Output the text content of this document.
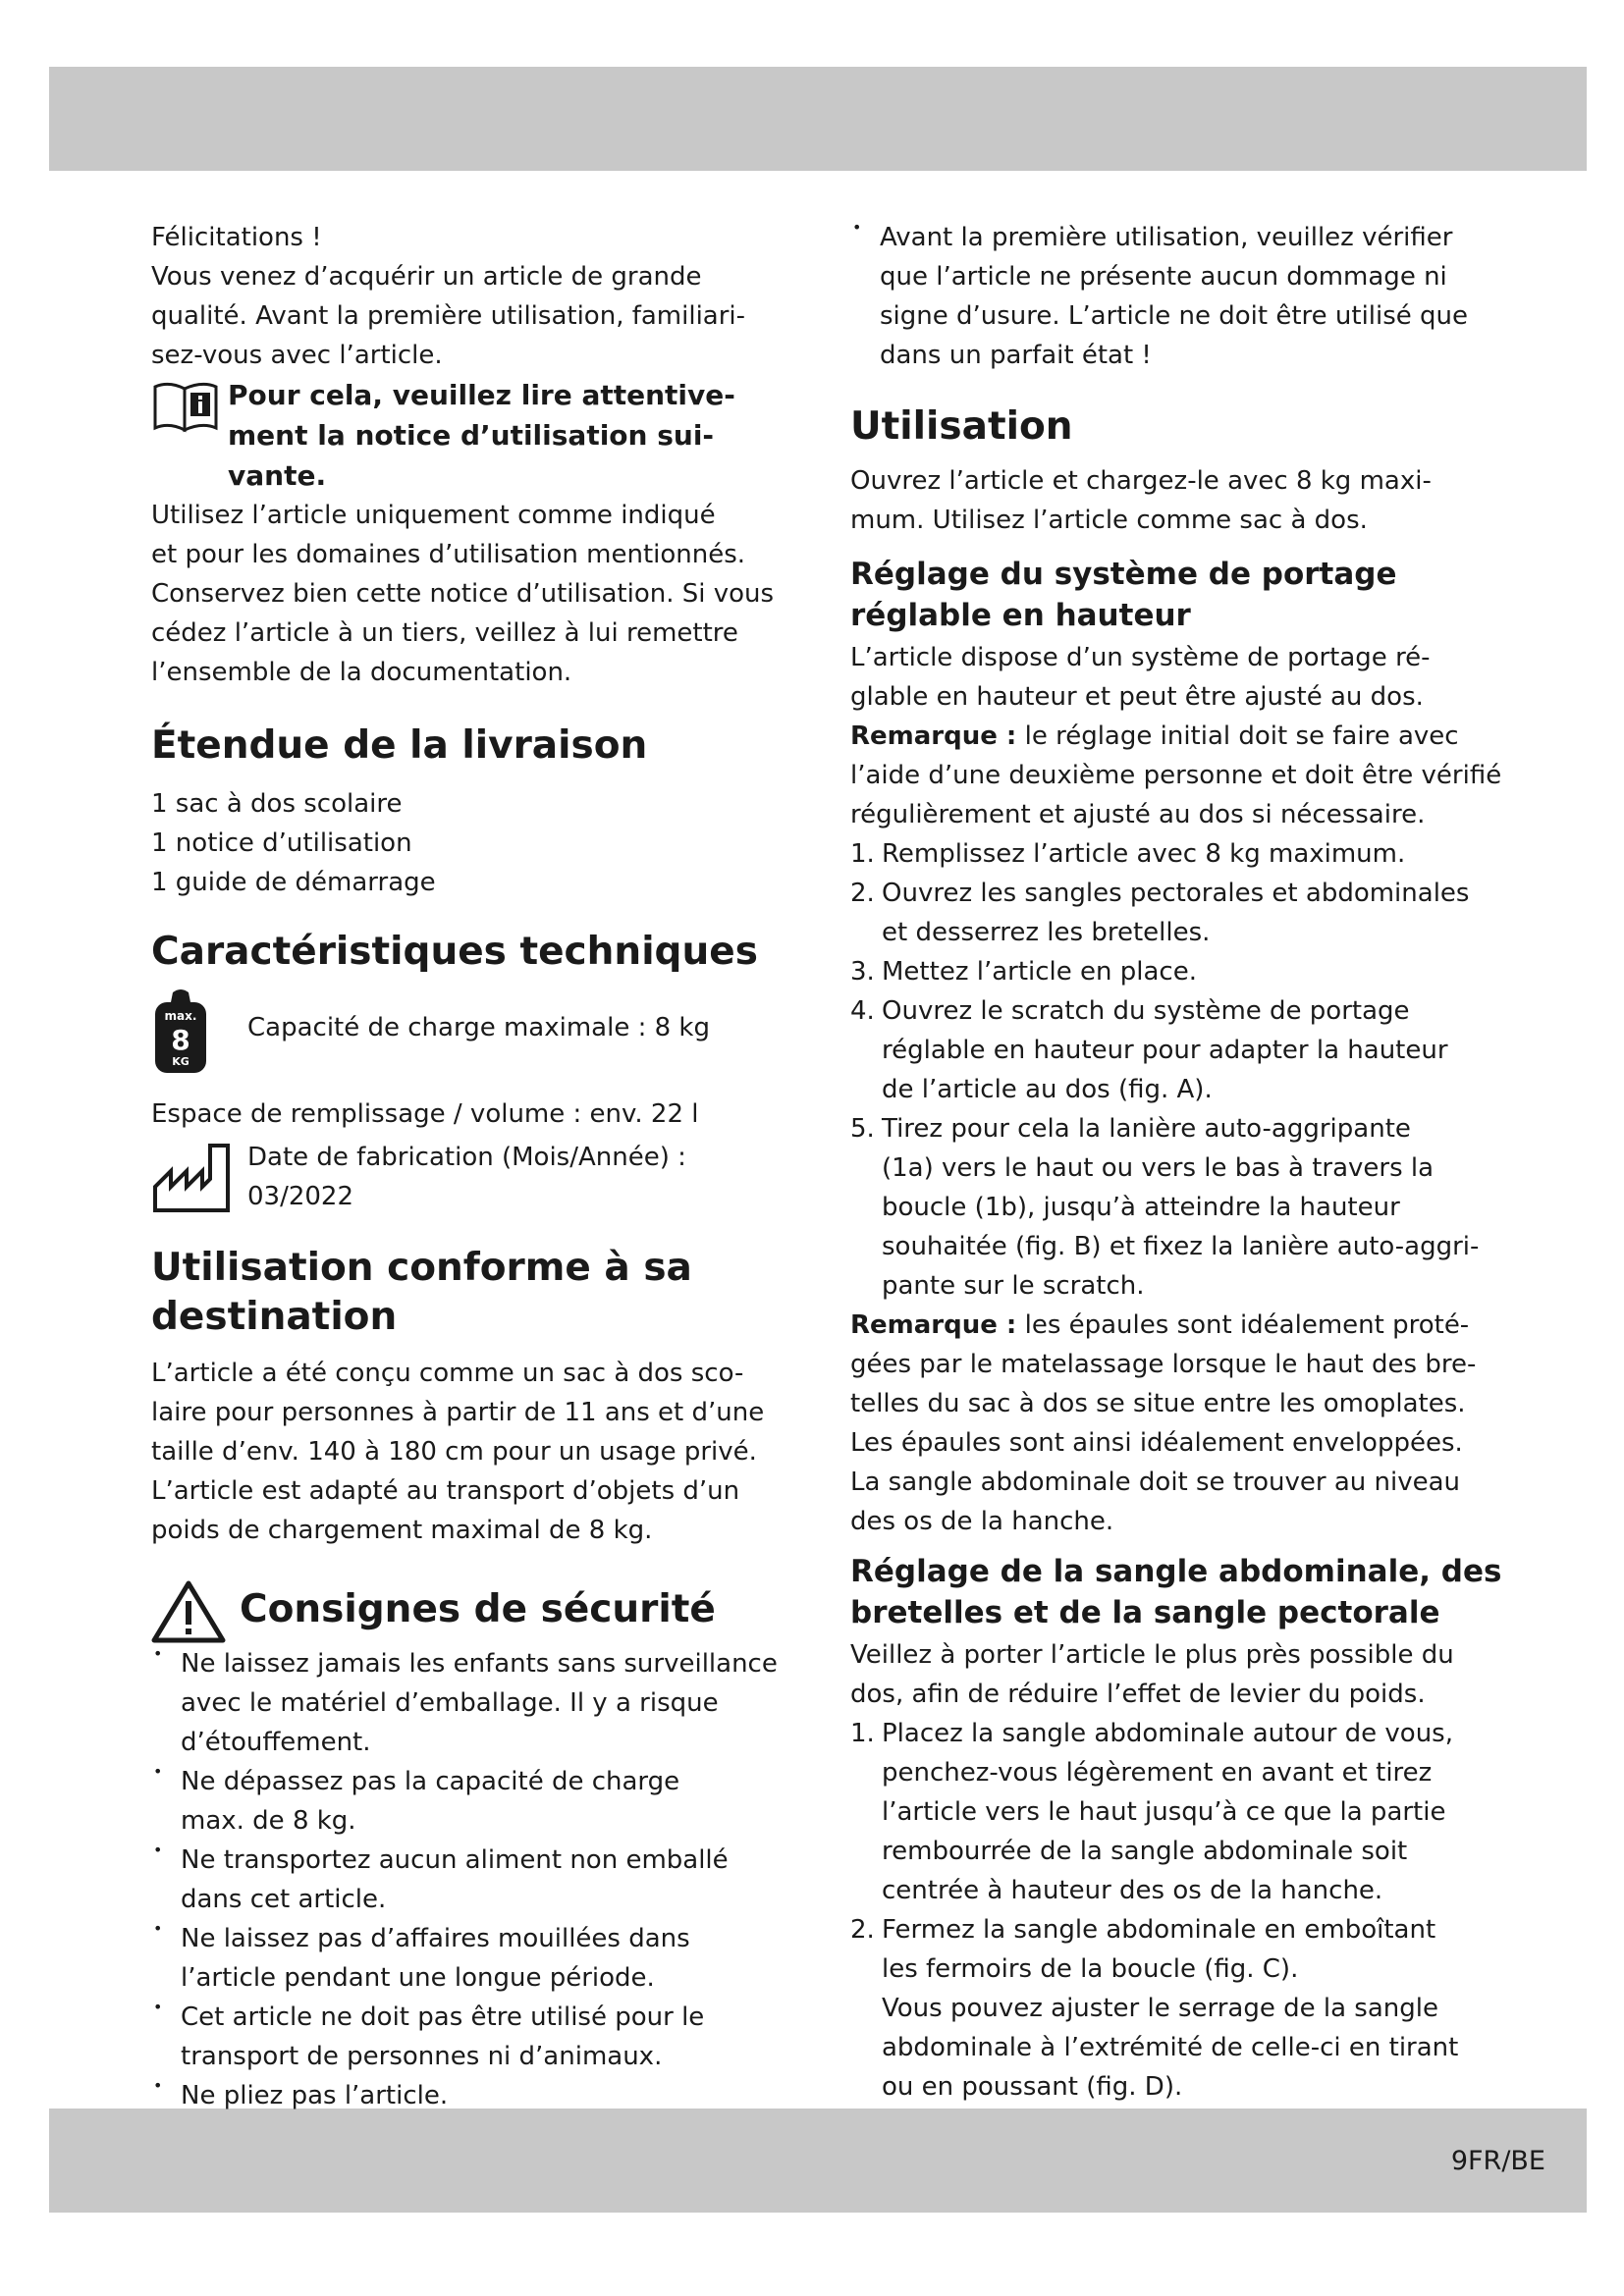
9FR/BE

Félicitations !

Vous venez d’acquérir un article de grande

qualité. Avant la première utilisation, familiari-

sez-vous avec l’article.

Pour cela, veuillez lire attentive-

ment la notice d’utilisation sui-

vante.

Utilisez l’article uniquement comme indiqué

et pour les domaines d’utilisation mentionnés.

Conservez bien cette notice d’utilisation. Si vous

cédez l’article à un tiers, veillez à lui remettre

l’ensemble de la documentation.

Étendue de la livraison

1 sac à dos scolaire

1 notice d’utilisation

1 guide de démarrage

Caractéristiques techniques
max.
8
KG

Capacité de charge maximale : 8 kg

Espace de remplissage / volume : env. 22 l

Date de fabrication (Mois/Année) :

03/2022

Utilisation conforme à sa
destination

L’article a été conçu comme un sac à dos sco-

laire pour personnes à partir de 11 ans et d’une

taille d’env. 140 à 180 cm pour un usage privé.

L’article est adapté au transport d’objets d’un

poids de chargement maximal de 8 kg.

Consignes de sécurité

• Ne laissez jamais les enfants sans surveillance

avec le matériel d’emballage. Il y a risque

d’étouffement.

• Ne dépassez pas la capacité de charge

max. de 8 kg.

• Ne transportez aucun aliment non emballé

dans cet article.

• Ne laissez pas d’affaires mouillées dans

l’article pendant une longue période.

• Cet article ne doit pas être utilisé pour le

transport de personnes ni d’animaux.

• Ne pliez pas l’article.

• Avant la première utilisation, veuillez vérifier

que l’article ne présente aucun dommage ni

signe d’usure. L’article ne doit être utilisé que

dans un parfait état !

Utilisation

Ouvrez l’article et chargez-le avec 8 kg maxi-

mum. Utilisez l’article comme sac à dos.

Réglage du système de portage
réglable en hauteur

L’article dispose d’un système de portage ré-

glable en hauteur et peut être ajusté au dos.

Remarque : le réglage initial doit se faire avec

l’aide d’une deuxième personne et doit être vérifié

régulièrement et ajusté au dos si nécessaire.

1. Remplissez l’article avec 8 kg maximum.

2. Ouvrez les sangles pectorales et abdominales

et desserrez les bretelles.

3. Mettez l’article en place.

4. Ouvrez le scratch du système de portage

réglable en hauteur pour adapter la hauteur

de l’article au dos (fig. A).

5. Tirez pour cela la lanière auto-aggripante

(1a) vers le haut ou vers le bas à travers la

boucle (1b), jusqu’à atteindre la hauteur

souhaitée (fig. B) et fixez la lanière auto-aggri-

pante sur le scratch.

Remarque : les épaules sont idéalement proté-

gées par le matelassage lorsque le haut des bre-

telles du sac à dos se situe entre les omoplates.

Les épaules sont ainsi idéalement enveloppées.

La sangle abdominale doit se trouver au niveau

des os de la hanche.

Réglage de la sangle abdominale, des
bretelles et de la sangle pectorale

Veillez à porter l’article le plus près possible du

dos, afin de réduire l’effet de levier du poids.

1. Placez la sangle abdominale autour de vous,

penchez-vous légèrement en avant et tirez

l’article vers le haut jusqu’à ce que la partie

rembourrée de la sangle abdominale soit

centrée à hauteur des os de la hanche.

2. Fermez la sangle abdominale en emboîtant

les fermoirs de la boucle (fig. C).

Vous pouvez ajuster le serrage de la sangle

abdominale à l’extrémité de celle-ci en tirant

ou en poussant (fig. D).
